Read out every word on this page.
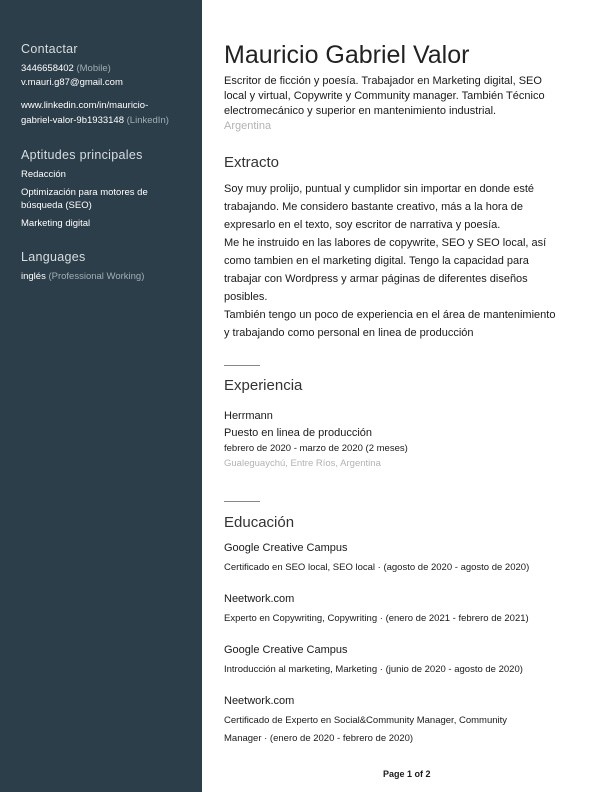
Contactar
3446658402 (Mobile)
v.mauri.g87@gmail.com
www.linkedin.com/in/mauricio-
gabriel-valor-9b1933148 (LinkedIn)
Aptitudes principales
Redacción
Optimización para motores de
búsqueda (SEO)
Marketing digital
Languages
inglés (Professional Working)
Mauricio Gabriel Valor
Escritor de ficción y poesía. Trabajador en Marketing digital, SEO
local y virtual, Copywrite y Community manager. También Técnico
electromecánico y superior en mantenimiento industrial.
Argentina
Extracto
Soy muy prolijo, puntual y cumplidor sin importar en donde esté
trabajando. Me considero bastante creativo, más a la hora de
expresarlo en el texto, soy escritor de narrativa y poesía.
Me he instruido en las labores de copywrite, SEO y SEO local, así
como tambien en el marketing digital. Tengo la capacidad para
trabajar con Wordpress y armar páginas de diferentes diseños
posibles.
También tengo un poco de experiencia en el área de mantenimiento
y trabajando como personal en linea de producción
Experiencia
Herrmann
Puesto en linea de producción
febrero de 2020 - marzo de 2020 (2 meses)
Gualeguaychú, Entre Ríos, Argentina
Educación
Google Creative Campus
Certificado en SEO local, SEO local · (agosto de 2020 - agosto de 2020)
Neetwork.com
Experto en Copywriting, Copywriting · (enero de 2021 - febrero de 2021)
Google Creative Campus
Introducción al marketing, Marketing · (junio de 2020 - agosto de 2020)
Neetwork.com
Certificado de Experto en Social&Community Manager, Community
Manager · (enero de 2020 - febrero de 2020)
Page 1 of 2
